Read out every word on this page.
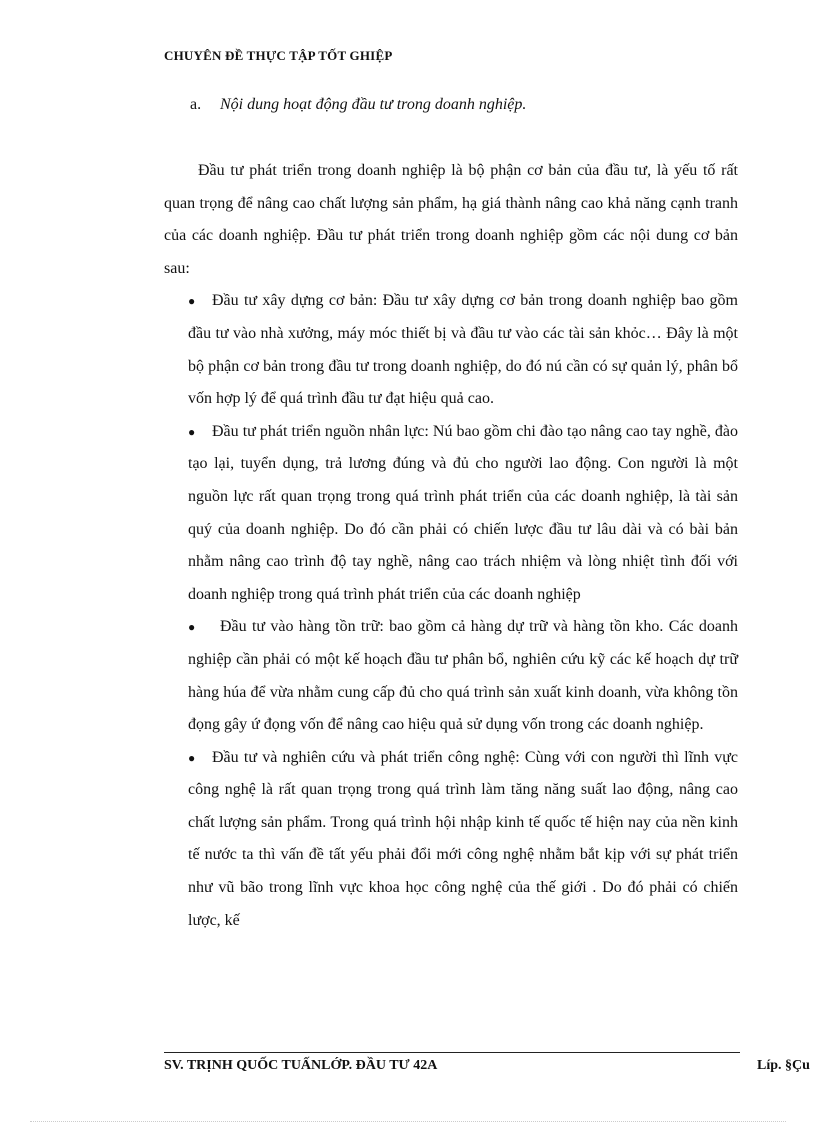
CHUYÊN ĐỀ THỰC TẬP TỐT GHIỆP
a. Nội dung hoạt động đầu tư trong doanh nghiệp.

Đầu tư phát triển trong doanh nghiệp là bộ phận cơ bản của đầu tư, là yếu tố rất quan trọng để nâng cao chất lượng sản phẩm, hạ giá thành nâng cao khả năng cạnh tranh của các doanh nghiệp. Đầu tư phát triển trong doanh nghiệp gồm các nội dung cơ bản sau:

●	Đầu tư xây dựng cơ bản: Đầu tư xây dựng cơ bản trong doanh nghiệp bao gồm đầu tư vào nhà xưởng, máy móc thiết bị và đầu tư vào các tài sản khỏc… Đây là một bộ phận cơ bản trong đầu tư trong doanh nghiệp, do đó nú cần có sự quản lý, phân bổ vốn hợp lý để quá trình đầu tư đạt hiệu quả cao.
●	Đầu tư phát triển nguồn nhân lực: Nú bao gồm chi đào tạo nâng cao tay nghề, đào tạo lại, tuyển dụng, trả lương đúng và đủ cho người lao động. Con người là một nguồn lực rất quan trọng trong quá trình phát triển của các doanh nghiệp, là tài sản quý của doanh nghiệp. Do đó cần phải có chiến lược đầu tư lâu dài và có bài bản nhằm nâng cao trình độ tay nghề, nâng cao trách nhiệm và lòng nhiệt tình đối với doanh nghiệp trong quá trình phát triển của các doanh nghiệp
●	Đầu tư vào hàng tồn trữ: bao gồm cả hàng dự trữ và hàng tồn kho. Các doanh nghiệp cần phải có một kế hoạch đầu tư phân bổ, nghiên cứu kỹ các kế hoạch dự trữ hàng húa để vừa nhằm cung cấp đủ cho quá trình sản xuất kinh doanh, vừa không tồn đọng gây ứ đọng vốn để nâng cao hiệu quả sử dụng vốn trong các doanh nghiệp.
●	Đầu tư và nghiên cứu và phát triển công nghệ: Cùng với con người thì lĩnh vực công nghệ là rất quan trọng trong quá trình làm tăng năng suất lao động, nâng cao chất lượng sản phẩm. Trong quá trình hội nhập kinh tế quốc tế hiện nay của nền kinh tế nước ta thì vấn đề tất yếu phải đổi mới công nghệ nhằm bắt kịp với sự phát triển như vũ bão trong lĩnh vực khoa học công nghệ của thế giới . Do đó phải có chiến lược, kế
SV. TRỊNH QUỐC TUẤNLỚP. ĐẦU TƯ 42A	Líp. §Çu
